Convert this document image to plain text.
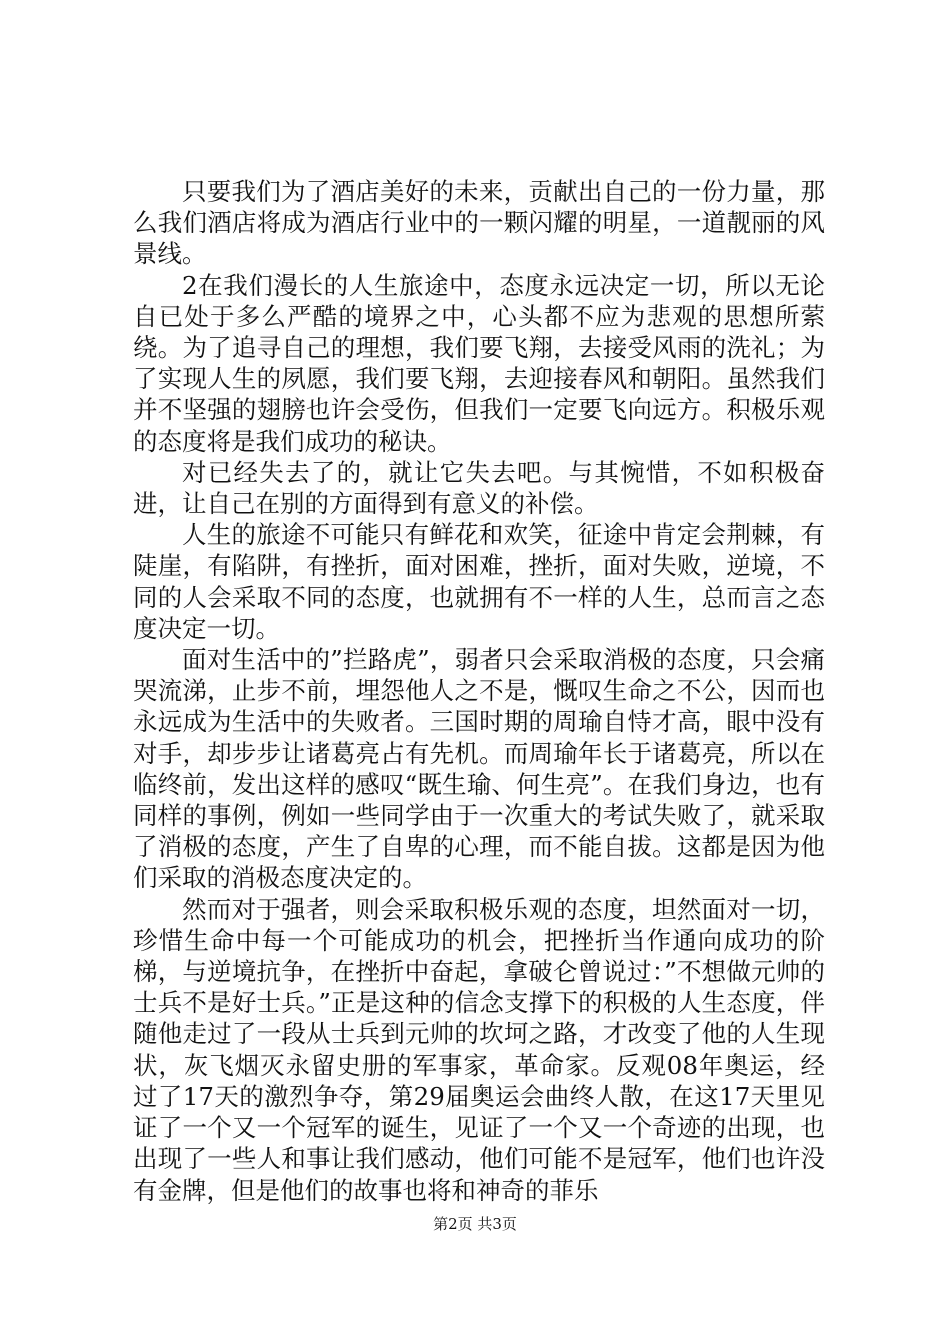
只要我们为了酒店美好的未来，贡献出自己的一份力量，那么我们酒店将成为酒店行业中的一颗闪耀的明星，一道靓丽的风景线。

2在我们漫长的人生旅途中，态度永远决定一切，所以无论自已处于多么严酷的境界之中，心头都不应为悲观的思想所萦绕。为了追寻自己的理想，我们要飞翔，去接受风雨的洗礼；为了实现人生的夙愿，我们要飞翔，去迎接春风和朝阳。虽然我们并不坚强的翅膀也许会受伤，但我们一定要飞向远方。积极乐观的态度将是我们成功的秘诀。

对已经失去了的，就让它失去吧。与其惋惜，不如积极奋进，让自己在别的方面得到有意义的补偿。

人生的旅途不可能只有鲜花和欢笑，征途中肯定会荆棘，有陡崖，有陷阱，有挫折，面对困难，挫折，面对失败，逆境，不同的人会采取不同的态度，也就拥有不一样的人生，总而言之态度决定一切。

面对生活中的”拦路虎”，弱者只会采取消极的态度，只会痛哭流涕，止步不前，埋怨他人之不是，慨叹生命之不公，因而也永远成为生活中的失败者。三国时期的周瑜自恃才高，眼中没有对手，却步步让诸葛亮占有先机。而周瑜年长于诸葛亮，所以在临终前，发出这样的感叹“既生瑜、何生亮”。在我们身边，也有同样的事例，例如一些同学由于一次重大的考试失败了，就采取了消极的态度，产生了自卑的心理，而不能自拔。这都是因为他们采取的消极态度决定的。

然而对于强者，则会采取积极乐观的态度，坦然面对一切，珍惜生命中每一个可能成功的机会，把挫折当作通向成功的阶梯，与逆境抗争，在挫折中奋起，拿破仑曾说过：”不想做元帅的士兵不是好士兵。”正是这种的信念支撑下的积极的人生态度，伴随他走过了一段从士兵到元帅的坎坷之路，才改变了他的人生现状，灰飞烟灭永留史册的军事家，革命家。反观08年奥运，经过了17天的激烈争夺，第29届奥运会曲终人散，在这17天里见证了一个又一个冠军的诞生，见证了一个又一个奇迹的出现，也出现了一些人和事让我们感动，他们可能不是冠军，他们也许没有金牌，但是他们的故事也将和神奇的菲乐

第2页 共3页
